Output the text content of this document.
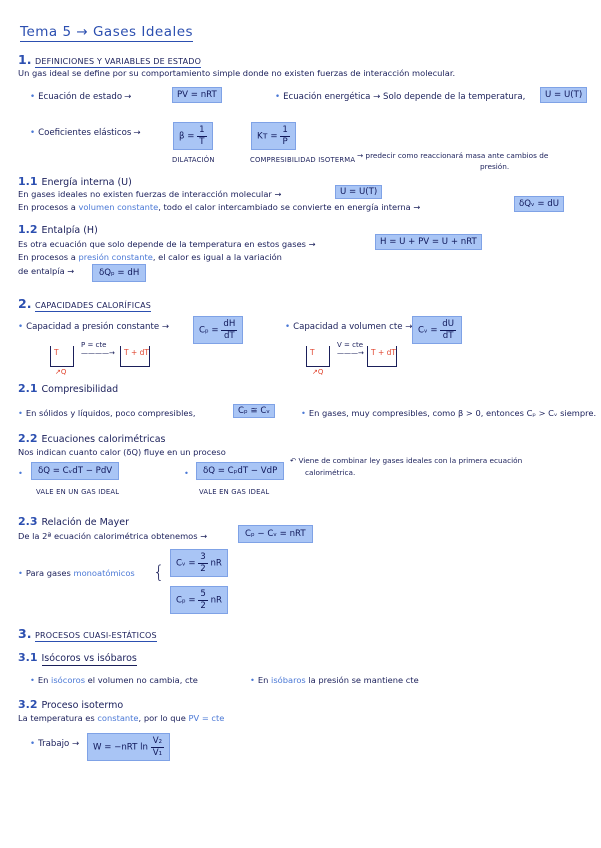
Tema 5 → Gases Ideales
1. DEFINICIONES Y VARIABLES DE ESTADO
Un gas ideal se define por su comportamiento simple donde no existen fuerzas de interacción molecular.
• Ecuación de estado →	PV = nRT	• Ecuación energética → Solo depende de la temperatura,	U = U(T)
• Coeficientes elásticos →	$\beta = \frac{1}{T}$	Kᴛ = $\frac{1}{P}$
DILATACIÓN	COMPRESIBILIDAD ISOTERMA → predecir como reaccionará masa ante cambios de
presión.
1.1 Energía interna (U)
En gases ideales no existen fuerzas de interacción molecular →	U = U(T)
En procesos a volumen constante, todo el calor intercambiado se convierte en energía interna →	δQᵥ = dU
1.2 Entalpía (H)
Es otra ecuación que solo depende de la temperatura en estos gases →	H = U + PV = U + nRT
En procesos a presión constante, el calor es igual a la variación
de entalpía →	δQₚ = dH
2. CAPACIDADES CALORÍFICAS
• Capacidad a presión constante →	$C_p = \frac{dH}{dT}$	• Capacidad a volumen cte → Cᵥ = $\frac{dU}{dT}$
T
↗Q
P = cte
————→ T + dT	T
↗Q
V = cte
———→ T + dT
2.1 Compresibilidad
• En sólidos y líquidos, poco compresibles,	Cₚ ≅ Cᵥ	• En gases, muy compresibles, como β > 0, entonces Cₚ > Cᵥ siempre.
2.2 Ecuaciones calorimétricas
Nos indican cuanto calor (δQ) fluye en un proceso
•	δQ = CᵥdT − PdV
VALE EN UN GAS IDEAL
•	δQ = CₚdT − VdP
VALE EN GAS IDEAL
↶ Viene de combinar ley gases ideales con la primera ecuación
calorimétrica.
2.3 Relación de Mayer
De la 2ª ecuación calorimétrica obtenemos →	Cₚ − Cᵥ = nRT
• Para gases monoatómicos {	Cᵥ = $\frac{3}{2}$ nR
$C_p = \frac{5}{2}$ nR
3. PROCESOS CUASI-ESTÁTICOS
3.1 Isócoros vs isóbaros
• En isócoros el volumen no cambia, cte	• En isóbaros la presión se mantiene cte
3.2 Proceso isotermo
La temperatura es constante, por lo que PV = cte
• Trabajo →	W = −nRT $\ln \frac{\text{V₂}}{\text{V₁}}$
